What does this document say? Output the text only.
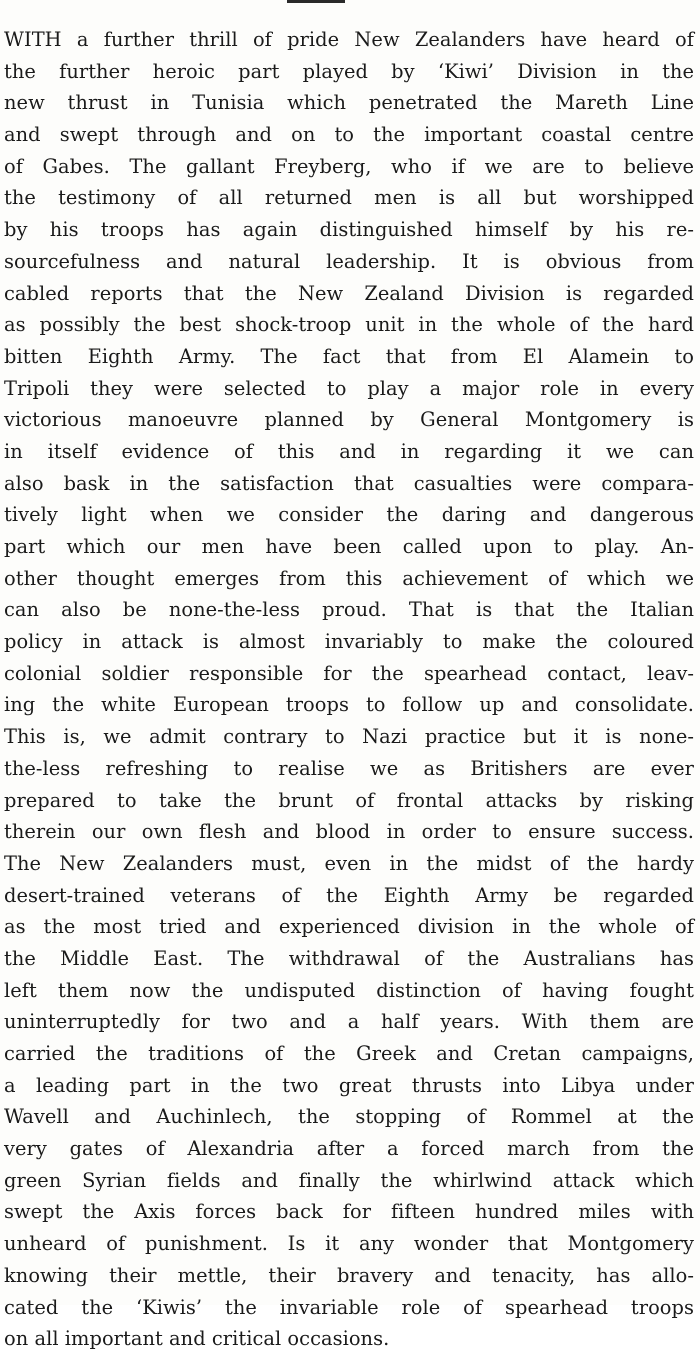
WITH a further thrill of pride New Zealanders have heard of
the further heroic part played by ‘Kiwi’ Division in the
new thrust in Tunisia which penetrated the Mareth Line
and swept through and on to the important coastal centre
of Gabes. The gallant Freyberg, who if we are to believe
the testimony of all returned men is all but worshipped
by his troops has again distinguished himself by his re-
sourcefulness and natural leadership. It is obvious from
cabled reports that the New Zealand Division is regarded
as possibly the best shock-troop unit in the whole of the hard
bitten Eighth Army. The fact that from El Alamein to
Tripoli they were selected to play a major role in every
victorious manoeuvre planned by General Montgomery is
in itself evidence of this and in regarding it we can
also bask in the satisfaction that casualties were compara-
tively light when we consider the daring and dangerous
part which our men have been called upon to play. An-
other thought emerges from this achievement of which we
can also be none-the-less proud. That is that the Italian
policy in attack is almost invariably to make the coloured
colonial soldier responsible for the spearhead contact, leav-
ing the white European troops to follow up and consolidate.
This is, we admit contrary to Nazi practice but it is none-
the-less refreshing to realise we as Britishers are ever
prepared to take the brunt of frontal attacks by risking
therein our own flesh and blood in order to ensure success.
The New Zealanders must, even in the midst of the hardy
desert-trained veterans of the Eighth Army be regarded
as the most tried and experienced division in the whole of
the Middle East. The withdrawal of the Australians has
left them now the undisputed distinction of having fought
uninterruptedly for two and a half years. With them are
carried the traditions of the Greek and Cretan campaigns,
a leading part in the two great thrusts into Libya under
Wavell and Auchinlech, the stopping of Rommel at the
very gates of Alexandria after a forced march from the
green Syrian fields and finally the whirlwind attack which
swept the Axis forces back for fifteen hundred miles with
unheard of punishment. Is it any wonder that Montgomery
knowing their mettle, their bravery and tenacity, has allo-
cated the ‘Kiwis’ the invariable role of spearhead troops
on all important and critical occasions.
